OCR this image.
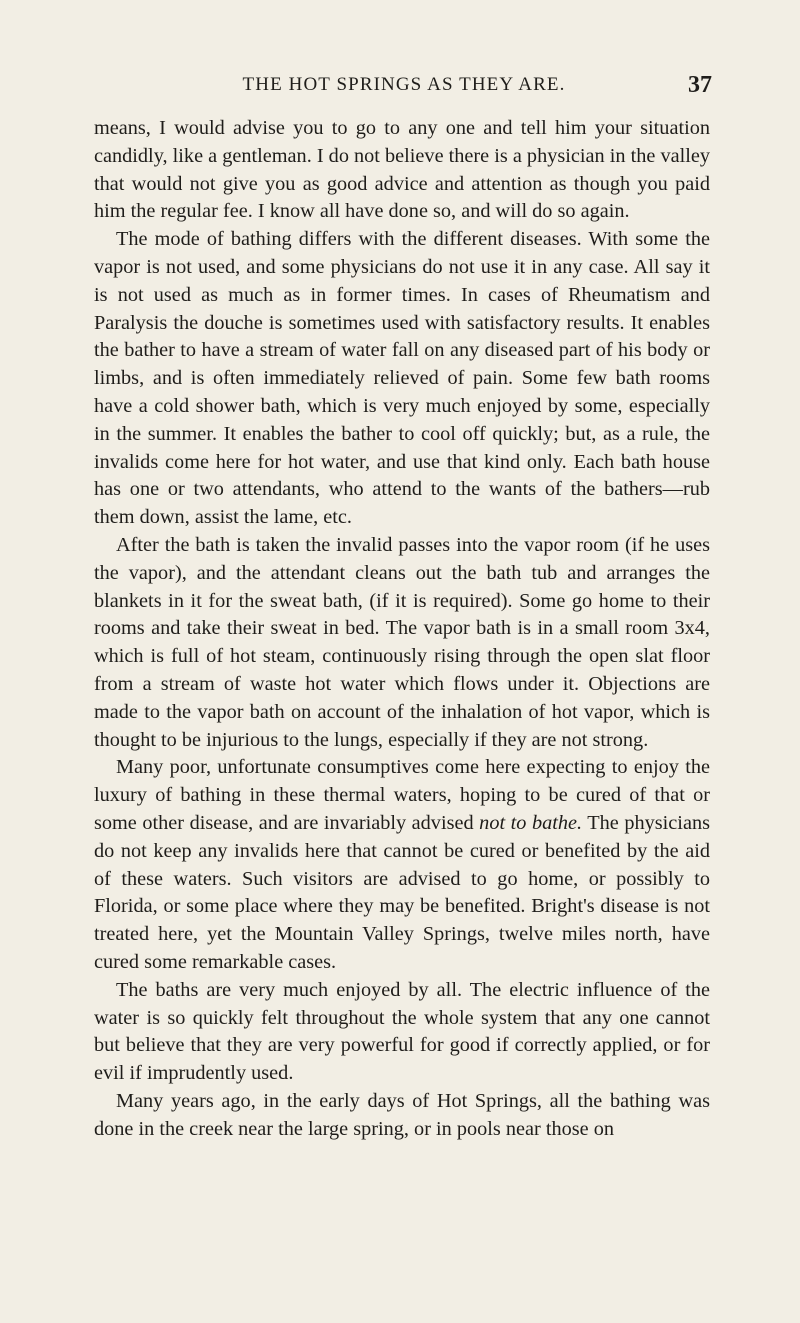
THE HOT SPRINGS AS THEY ARE.	37

means, I would advise you to go to any one and tell him your situation candidly, like a gentleman. I do not believe there is a physician in the valley that would not give you as good advice and attention as though you paid him the regular fee. I know all have done so, and will do so again.

The mode of bathing differs with the different diseases. With some the vapor is not used, and some physicians do not use it in any case. All say it is not used as much as in former times. In cases of Rheumatism and Paralysis the douche is sometimes used with satisfactory results. It enables the bather to have a stream of water fall on any diseased part of his body or limbs, and is often immediately relieved of pain. Some few bath rooms have a cold shower bath, which is very much enjoyed by some, especially in the summer. It enables the bather to cool off quickly; but, as a rule, the invalids come here for hot water, and use that kind only. Each bath house has one or two attendants, who attend to the wants of the bathers—rub them down, assist the lame, etc.

After the bath is taken the invalid passes into the vapor room (if he uses the vapor), and the attendant cleans out the bath tub and arranges the blankets in it for the sweat bath, (if it is required). Some go home to their rooms and take their sweat in bed. The vapor bath is in a small room 3x4, which is full of hot steam, continuously rising through the open slat floor from a stream of waste hot water which flows under it. Objections are made to the vapor bath on account of the inhalation of hot vapor, which is thought to be injurious to the lungs, especially if they are not strong.

Many poor, unfortunate consumptives come here expecting to enjoy the luxury of bathing in these thermal waters, hoping to be cured of that or some other disease, and are invariably advised not to bathe. The physicians do not keep any invalids here that cannot be cured or benefited by the aid of these waters. Such visitors are advised to go home, or possibly to Florida, or some place where they may be benefited. Bright's disease is not treated here, yet the Mountain Valley Springs, twelve miles north, have cured some remarkable cases.

The baths are very much enjoyed by all. The electric influence of the water is so quickly felt throughout the whole system that any one cannot but believe that they are very powerful for good if correctly applied, or for evil if imprudently used.

Many years ago, in the early days of Hot Springs, all the bathing was done in the creek near the large spring, or in pools near those on
